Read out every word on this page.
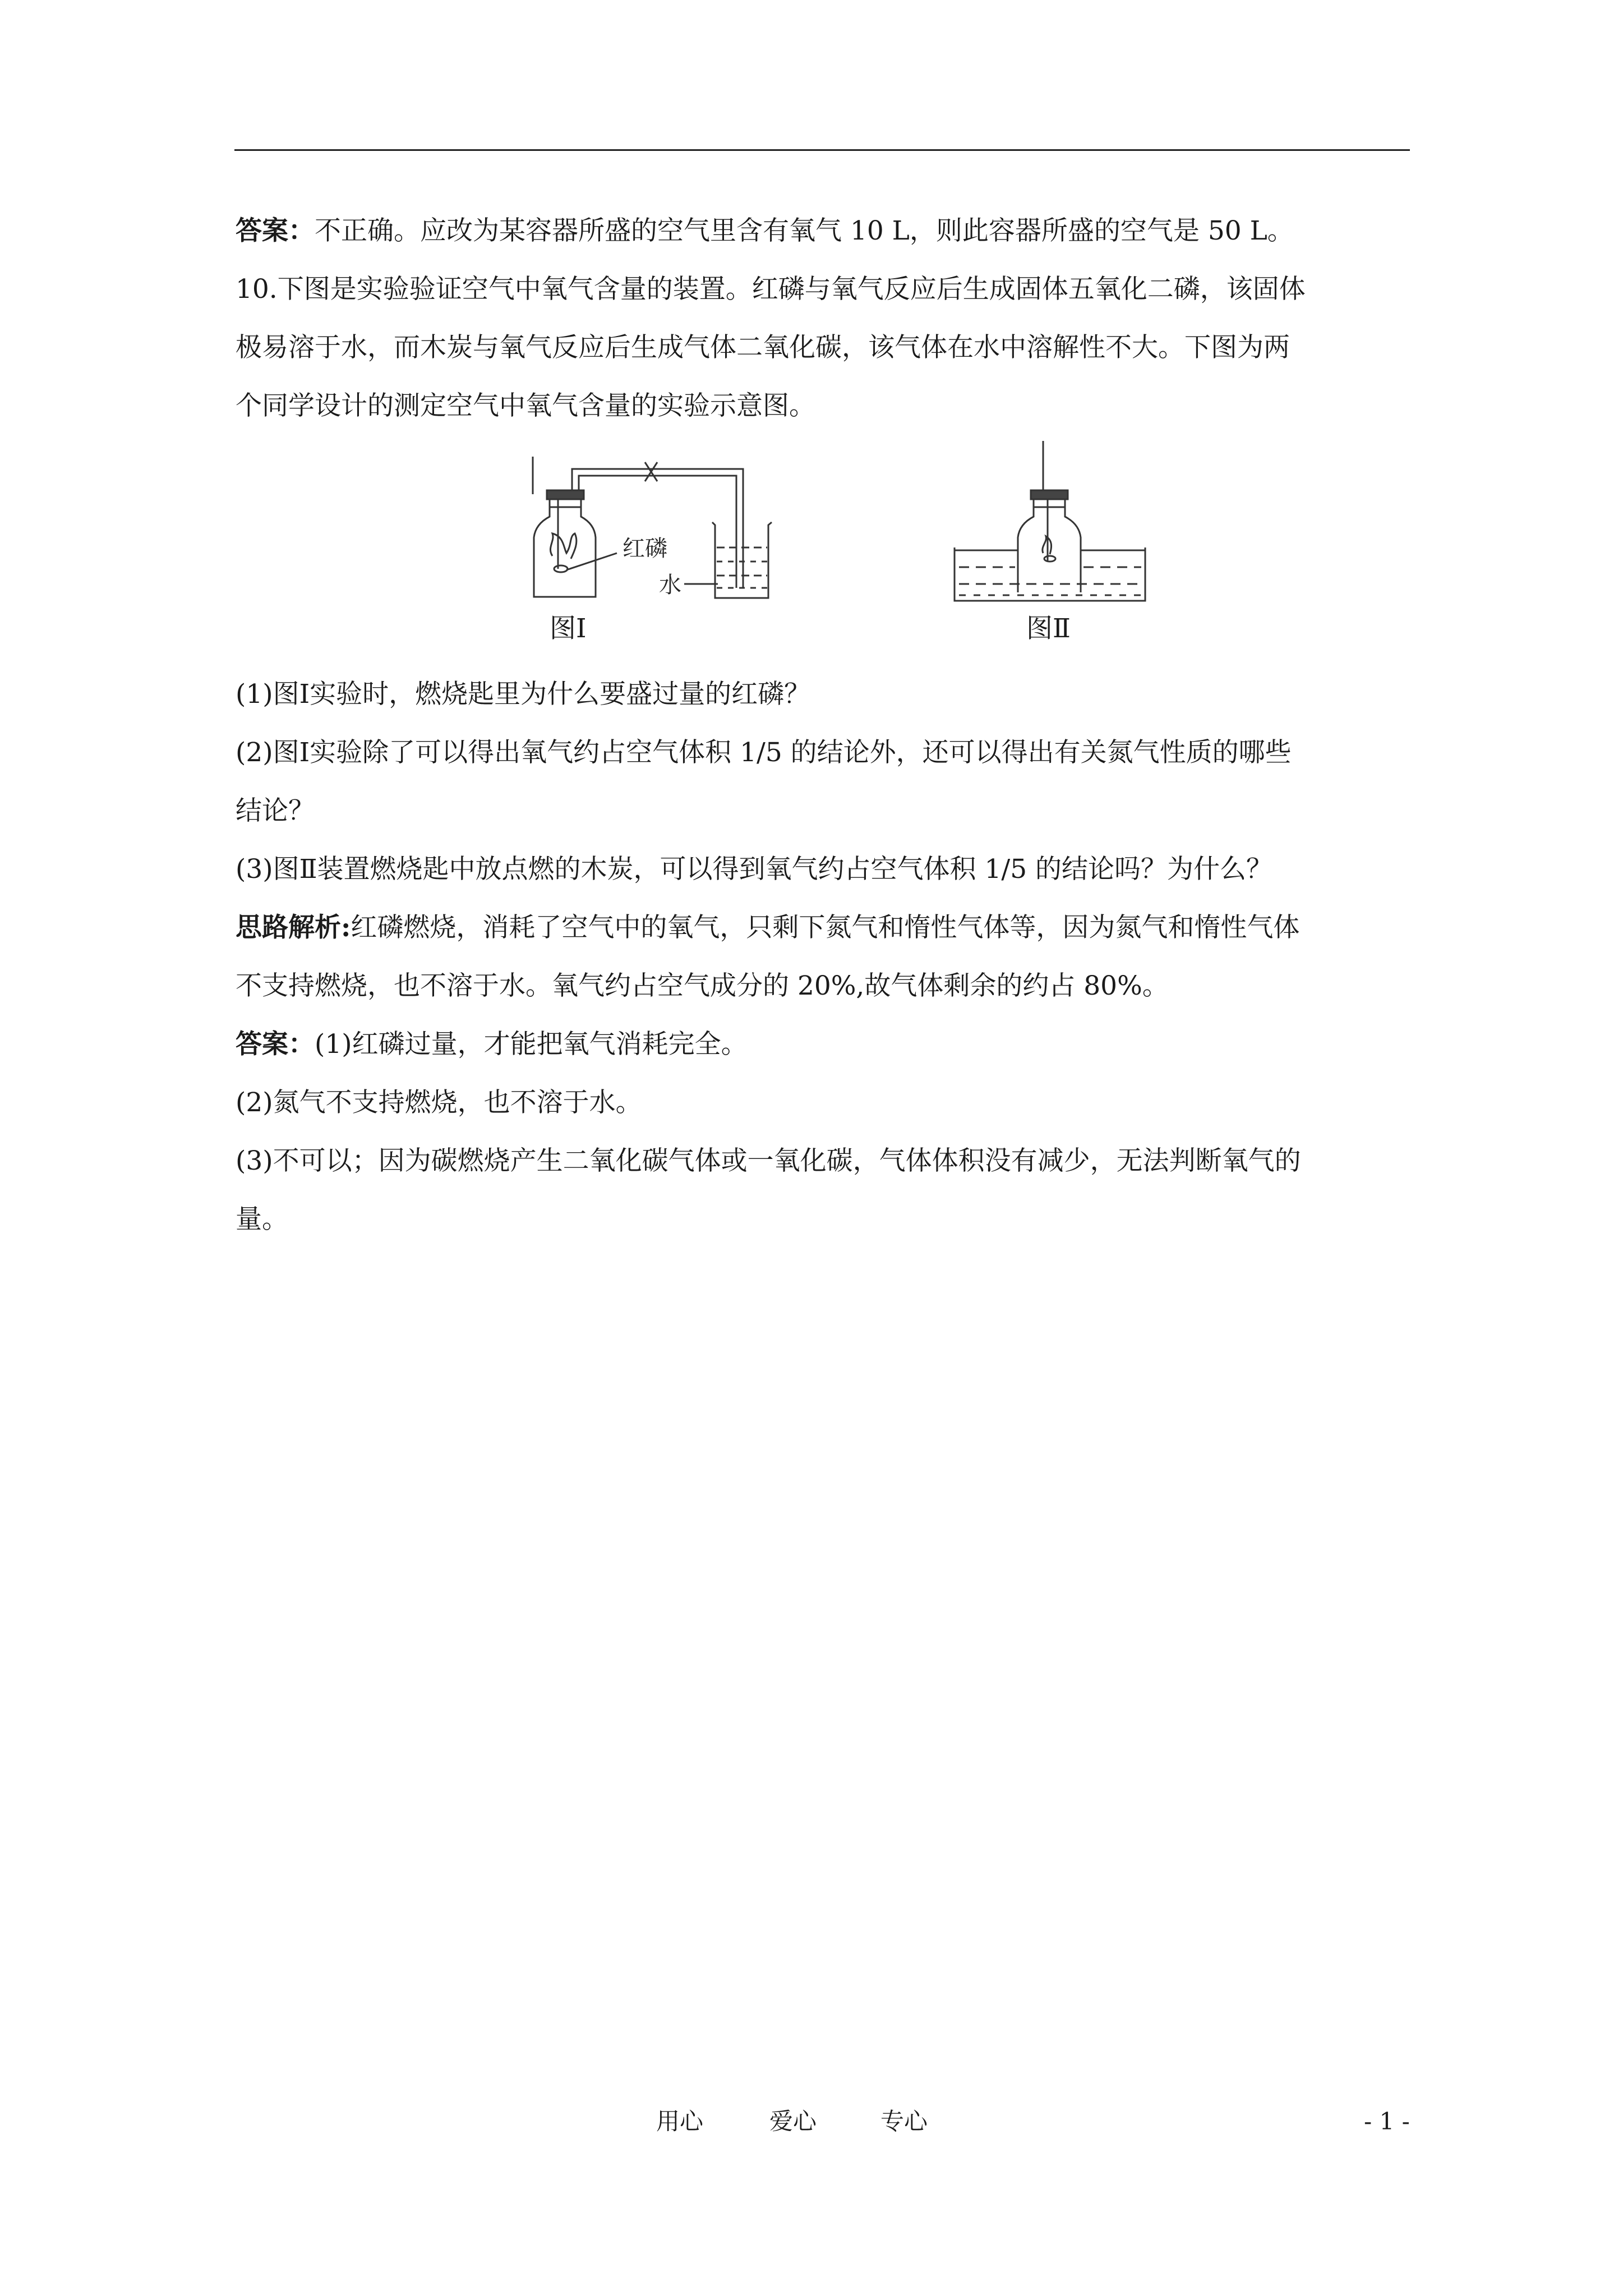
答案：不正确。应改为某容器所盛的空气里含有氧气 10 L，则此容器所盛的空气是 50 L。

10.下图是实验验证空气中氧气含量的装置。红磷与氧气反应后生成固体五氧化二磷，该固体

极易溶于水，而木炭与氧气反应后生成气体二氧化碳，该气体在水中溶解性不大。下图为两

个同学设计的测定空气中氧气含量的实验示意图。

红磷
水
图Ⅰ	图Ⅱ

(1)图Ⅰ实验时，燃烧匙里为什么要盛过量的红磷？

(2)图Ⅰ实验除了可以得出氧气约占空气体积 1/5 的结论外，还可以得出有关氮气性质的哪些

结论？

(3)图Ⅱ装置燃烧匙中放点燃的木炭，可以得到氧气约占空气体积 1/5 的结论吗？为什么？

思路解析:红磷燃烧，消耗了空气中的氧气，只剩下氮气和惰性气体等，因为氮气和惰性气体

不支持燃烧，也不溶于水。氧气约占空气成分的 20%,故气体剩余的约占 80%。

答案：(1)红磷过量，才能把氧气消耗完全。

(2)氮气不支持燃烧，也不溶于水。

(3)不可以；因为碳燃烧产生二氧化碳气体或一氧化碳，气体体积没有减少，无法判断氧气的

量。

用心	爱心	专心	- 1 -
